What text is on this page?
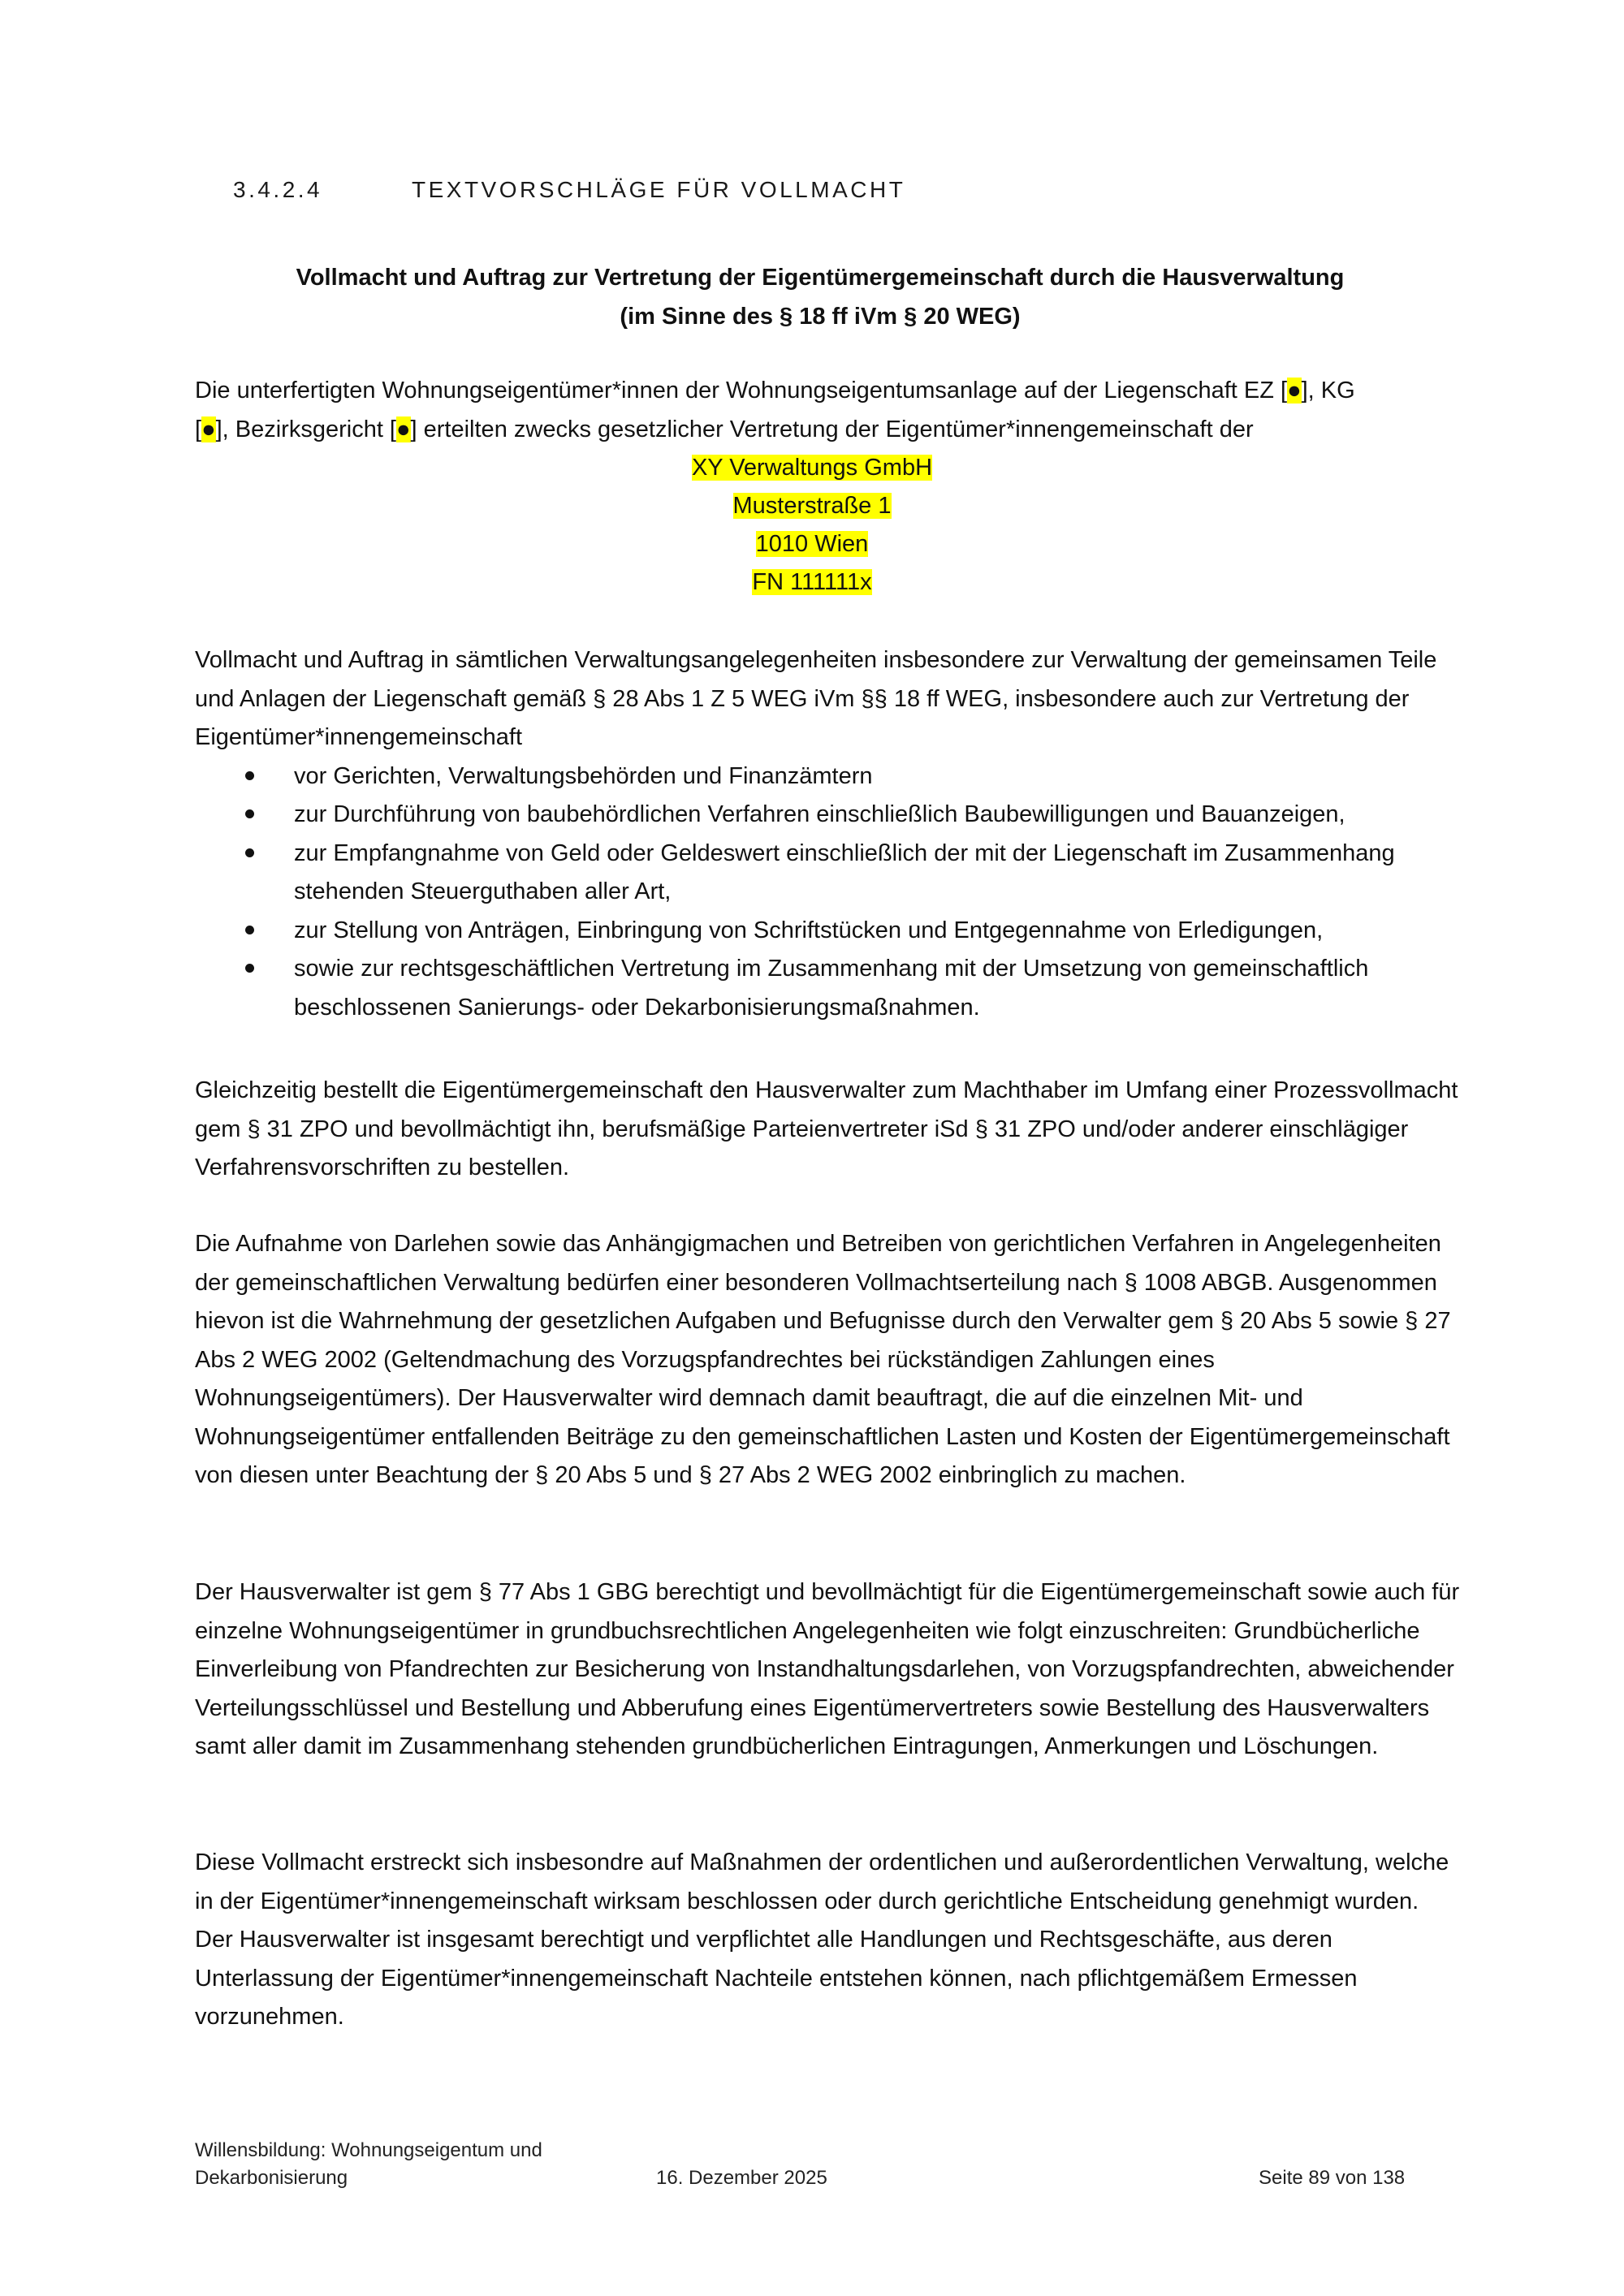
3.4.2.4	TEXTVORSCHLÄGE FÜR VOLLMACHT
Vollmacht und Auftrag zur Vertretung der Eigentümergemeinschaft durch die Hausverwaltung
(im Sinne des § 18 ff iVm § 20 WEG)
Die unterfertigten Wohnungseigentümer*innen der Wohnungseigentumsanlage auf der Liegenschaft EZ [●], KG
[●], Bezirksgericht [●] erteilten zwecks gesetzlicher Vertretung der Eigentümer*innengemeinschaft der
XY Verwaltungs GmbH
Musterstraße 1
1010 Wien
FN 111111x
Vollmacht und Auftrag in sämtlichen Verwaltungsangelegenheiten insbesondere zur Verwaltung der gemeinsamen Teile und Anlagen der Liegenschaft gemäß § 28 Abs 1 Z 5 WEG iVm §§ 18 ff WEG, insbesondere auch zur Vertretung der Eigentümer*innengemeinschaft
vor Gerichten, Verwaltungsbehörden und Finanzämtern
zur Durchführung von baubehördlichen Verfahren einschließlich Baubewilligungen und Bauanzeigen,
zur Empfangnahme von Geld oder Geldeswert einschließlich der mit der Liegenschaft im Zusammenhang stehenden Steuerguthaben aller Art,
zur Stellung von Anträgen, Einbringung von Schriftstücken und Entgegennahme von Erledigungen,
sowie zur rechtsgeschäftlichen Vertretung im Zusammenhang mit der Umsetzung von gemeinschaftlich beschlossenen Sanierungs- oder Dekarbonisierungsmaßnahmen.
Gleichzeitig bestellt die Eigentümergemeinschaft den Hausverwalter zum Machthaber im Umfang einer Prozessvollmacht gem § 31 ZPO und bevollmächtigt ihn, berufsmäßige Parteienvertreter iSd § 31 ZPO und/oder anderer einschlägiger Verfahrensvorschriften zu bestellen.
Die Aufnahme von Darlehen sowie das Anhängigmachen und Betreiben von gerichtlichen Verfahren in Angelegenheiten der gemeinschaftlichen Verwaltung bedürfen einer besonderen Vollmachtserteilung nach § 1008 ABGB. Ausgenommen hievon ist die Wahrnehmung der gesetzlichen Aufgaben und Befugnisse durch den Verwalter gem § 20 Abs 5 sowie § 27 Abs 2 WEG 2002 (Geltendmachung des Vorzugspfandrechtes bei rückständigen Zahlungen eines Wohnungseigentümers). Der Hausverwalter wird demnach damit beauftragt, die auf die einzelnen Mit- und Wohnungseigentümer entfallenden Beiträge zu den gemeinschaftlichen Lasten und Kosten der Eigentümergemeinschaft von diesen unter Beachtung der § 20 Abs 5 und § 27 Abs 2 WEG 2002 einbringlich zu machen.
Der Hausverwalter ist gem § 77 Abs 1 GBG berechtigt und bevollmächtigt für die Eigentümergemeinschaft sowie auch für einzelne Wohnungseigentümer in grundbuchsrechtlichen Angelegenheiten wie folgt einzuschreiten: Grundbücherliche Einverleibung von Pfandrechten zur Besicherung von Instandhaltungsdarlehen, von Vorzugspfandrechten, abweichender Verteilungsschlüssel und Bestellung und Abberufung eines Eigentümervertreters sowie Bestellung des Hausverwalters samt aller damit im Zusammenhang stehenden grundbücherlichen Eintragungen, Anmerkungen und Löschungen.
Diese Vollmacht erstreckt sich insbesondre auf Maßnahmen der ordentlichen und außerordentlichen Verwaltung, welche in der Eigentümer*innengemeinschaft wirksam beschlossen oder durch gerichtliche Entscheidung genehmigt wurden. Der Hausverwalter ist insgesamt berechtigt und verpflichtet alle Handlungen und Rechtsgeschäfte, aus deren Unterlassung der Eigentümer*innengemeinschaft Nachteile entstehen können, nach pflichtgemäßem Ermessen vorzunehmen.
Willensbildung: Wohnungseigentum und
Dekarbonisierung	16. Dezember 2025	Seite 89 von 138
